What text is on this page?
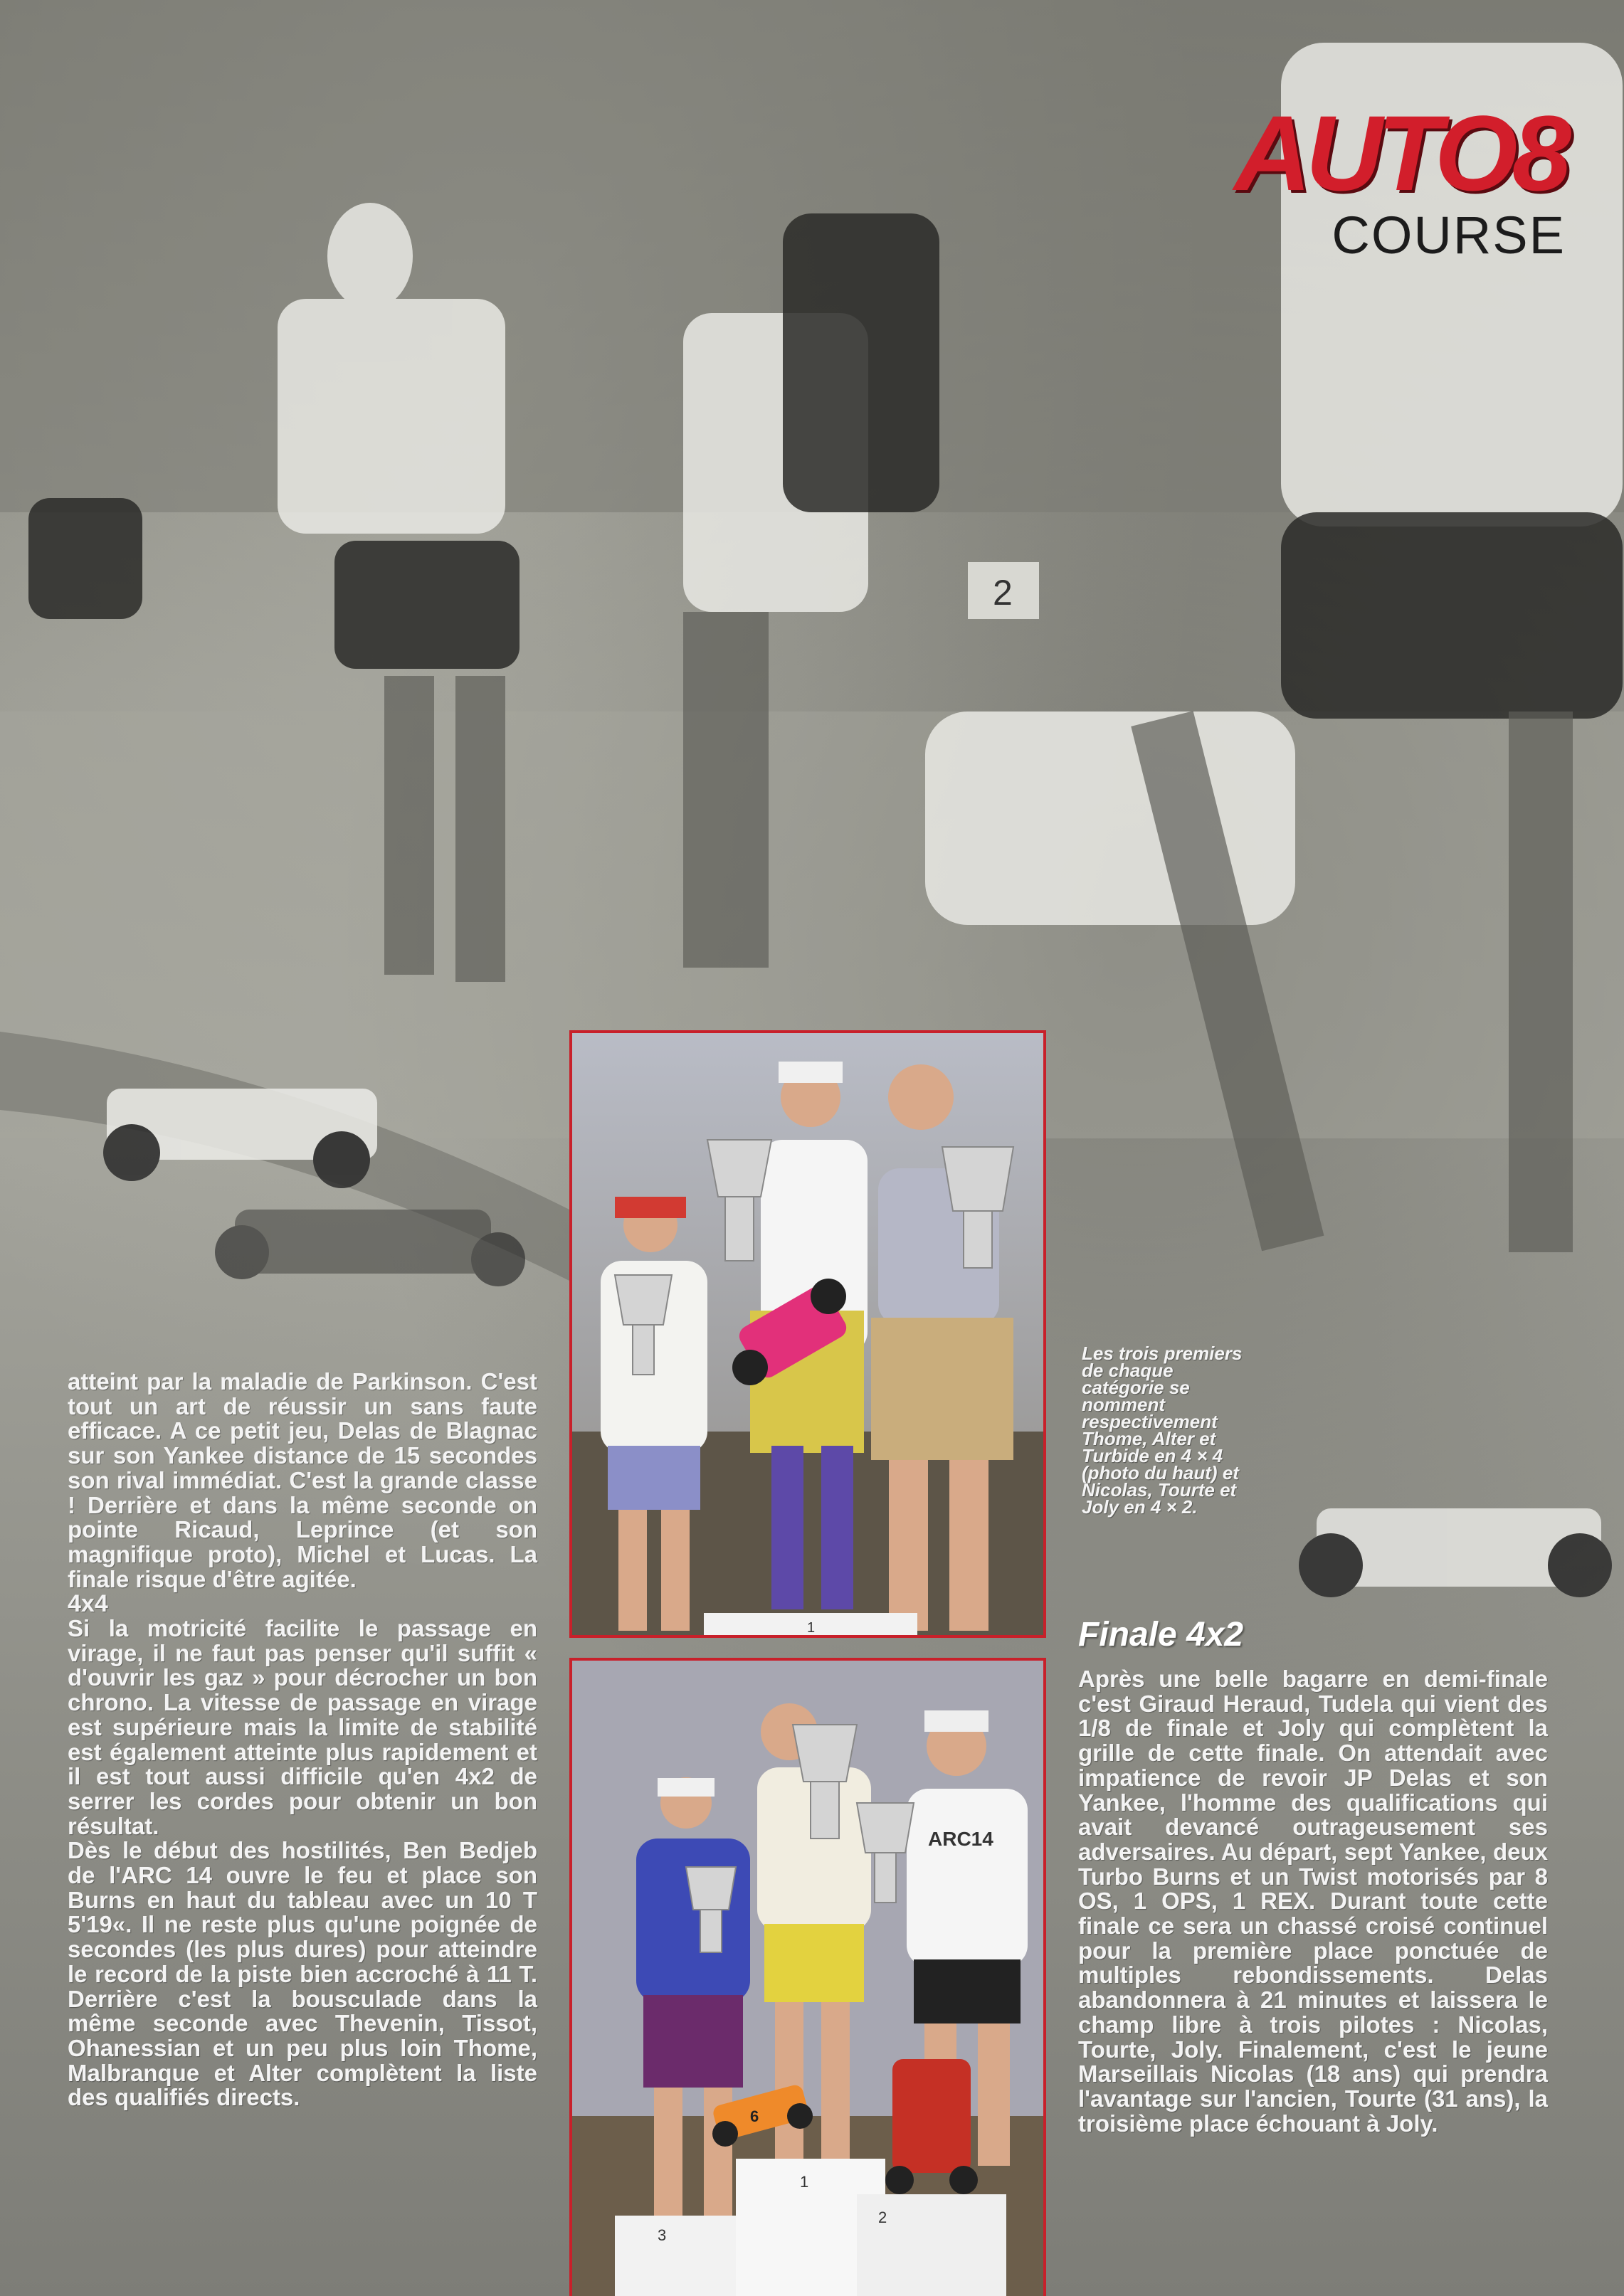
2
AUTO8
COURSE
1
ARC14
6
3
1
2

atteint par la maladie de Parkinson. C'est tout un art de réussir un sans faute efficace. A ce petit jeu, Delas de Blagnac sur son Yankee distance de 15 secondes son rival immédiat. C'est la grande classe ! Derrière et dans la même seconde on pointe Ricaud, Leprince (et son magnifique proto), Michel et Lucas. La finale risque d'être agitée.

4x4

Si la motricité facilite le passage en virage, il ne faut pas penser qu'il suffit « d'ouvrir les gaz » pour décrocher un bon chrono. La vitesse de passage en virage est supérieure mais la limite de stabilité est également atteinte plus rapidement et il est tout aussi difficile qu'en 4x2 de serrer les cordes pour obtenir un bon résultat.

Dès le début des hostilités, Ben Bedjeb de l'ARC 14 ouvre le feu et place son Burns en haut du tableau avec un 10 T 5'19«. Il ne reste plus qu'une poignée de secondes (les plus dures) pour atteindre le record de la piste bien accroché à 11 T. Derrière c'est la bousculade dans la même seconde avec Thevenin, Tissot, Ohanessian et un peu plus loin Thome, Malbranque et Alter complètent la liste des qualifiés directs.

Les trois premiers de chaque catégorie se nomment respectivement Thome, Alter et Turbide en 4 × 4 (photo du haut) et Nicolas, Tourte et Joly en 4 × 2.
Finale 4x2

Après une belle bagarre en demi-finale c'est Giraud Heraud, Tudela qui vient des 1/8 de finale et Joly qui complètent la grille de cette finale. On attendait avec impatience de revoir JP Delas et son Yankee, l'homme des qualifications qui avait devancé outrageusement ses adversaires. Au départ, sept Yankee, deux Turbo Burns et un Twist motorisés par 8 OS, 1 OPS, 1 REX. Durant toute cette finale ce sera un chassé croisé continuel pour la première place ponctuée de multiples rebondissements. Delas abandonnera à 21 minutes et laissera le champ libre à trois pilotes : Nicolas, Tourte, Joly. Finalement, c'est le jeune Marseillais Nicolas (18 ans) qui prendra l'avantage sur l'ancien, Tourte (31 ans), la troisième place échouant à Joly.
